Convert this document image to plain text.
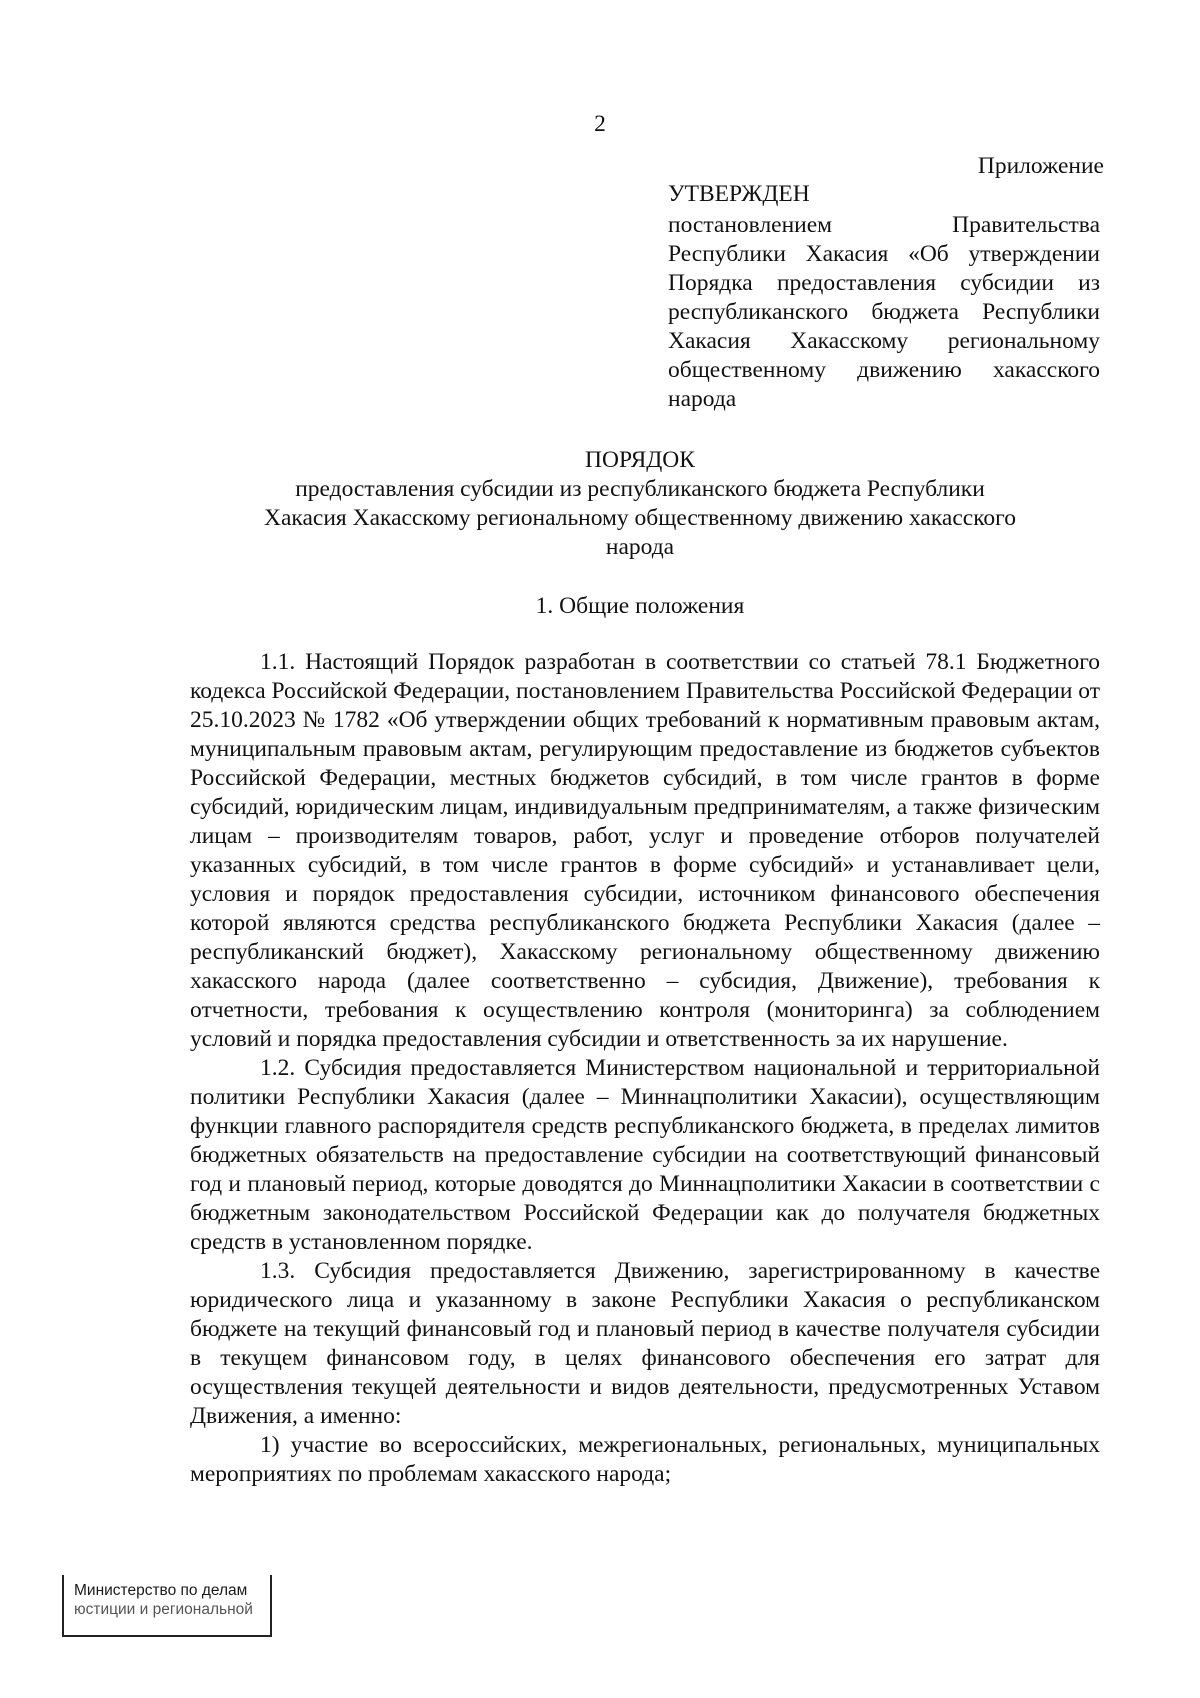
2
Приложение
УТВЕРЖДЕН
постановлением Правительства Республики Хакасия «Об утверждении Порядка предоставления субсидии из республиканского бюджета Республики Хакасия Хакасскому региональному общественному движению хакасского народа
ПОРЯДОК
предоставления субсидии из республиканского бюджета Республики Хакасия Хакасскому региональному общественному движению хакасского народа
1. Общие положения

1.1. Настоящий Порядок разработан в соответствии со статьей 78.1 Бюджетного кодекса Российской Федерации, постановлением Правительства Российской Федерации от 25.10.2023 № 1782 «Об утверждении общих требований к нормативным правовым актам, муниципальным правовым актам, регулирующим предоставление из бюджетов субъектов Российской Федерации, местных бюджетов субсидий, в том числе грантов в форме субсидий, юридическим лицам, индивидуальным предпринимателям, а также физическим лицам – производителям товаров, работ, услуг и проведение отборов получателей указанных субсидий, в том числе грантов в форме субсидий» и устанавливает цели, условия и порядок предоставления субсидии, источником финансового обеспечения которой являются средства республиканского бюджета Республики Хакасия (далее – республиканский бюджет), Хакасскому региональному общественному движению хакасского народа (далее соответственно – субсидия, Движение), требования к отчетности, требования к осуществлению контроля (мониторинга) за соблюдением условий и порядка предоставления субсидии и ответственность за их нарушение.

1.2. Субсидия предоставляется Министерством национальной и территориальной политики Республики Хакасия (далее – Миннацполитики Хакасии), осуществляющим функции главного распорядителя средств республиканского бюджета, в пределах лимитов бюджетных обязательств на предоставление субсидии на соответствующий финансовый год и плановый период, которые доводятся до Миннацполитики Хакасии в соответствии с бюджетным законодательством Российской Федерации как до получателя бюджетных средств в установленном порядке.

1.3. Субсидия предоставляется Движению, зарегистрированному в качестве юридического лица и указанному в законе Республики Хакасия о республиканском бюджете на текущий финансовый год и плановый период в качестве получателя субсидии в текущем финансовом году, в целях финансового обеспечения его затрат для осуществления текущей деятельности и видов деятельности, предусмотренных Уставом Движения, а именно:

1) участие во всероссийских, межрегиональных, региональных, муниципальных мероприятиях по проблемам хакасского народа;

Министерство по делам
юстиции и региональной
